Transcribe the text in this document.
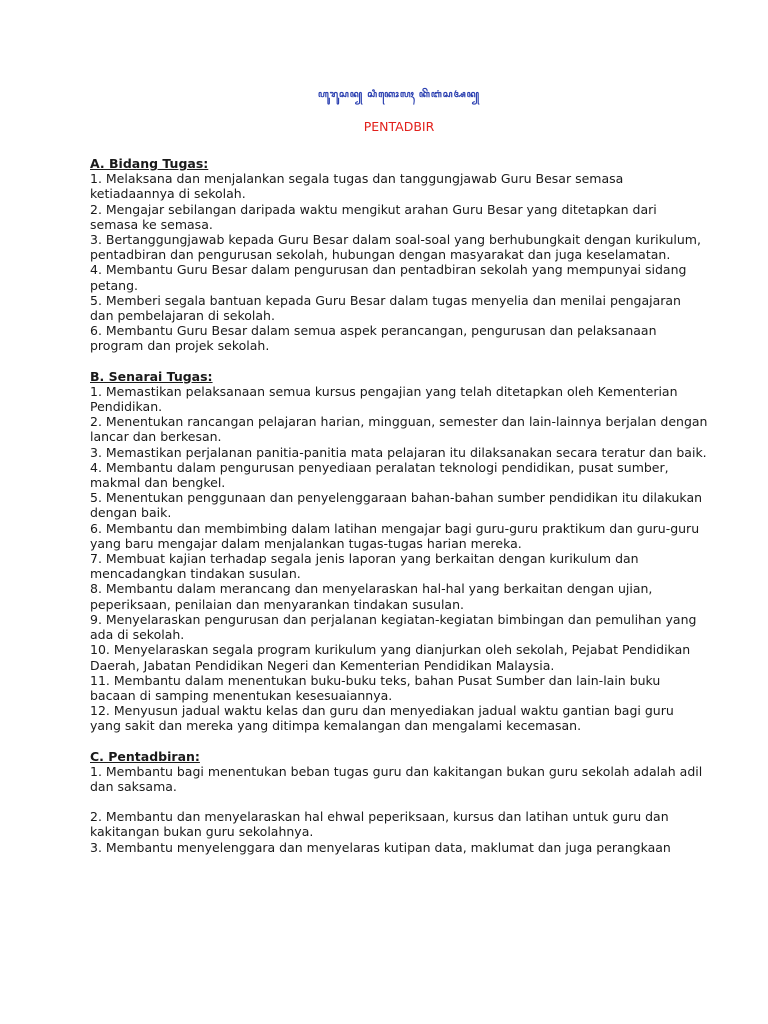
ꦲꦸꦫꦸꦱꦤ꧀ ꦱꦶꦏꦺꦴꦭꦃ ꦏꦼꦧꦁꦱꦄꦤ꧀
PENTADBIR
A. Bidang Tugas:
1. Melaksana dan menjalankan segala tugas dan tanggungjawab Guru Besar semasa ketiadaannya di sekolah.
2. Mengajar sebilangan daripada waktu mengikut arahan Guru Besar yang ditetapkan dari semasa ke semasa.
3. Bertanggungjawab kepada Guru Besar dalam soal-soal yang berhubungkait dengan kurikulum, pentadbiran dan pengurusan sekolah, hubungan dengan masyarakat dan juga keselamatan.
4. Membantu Guru Besar dalam pengurusan dan pentadbiran sekolah yang mempunyai sidang petang.
5. Memberi segala bantuan kepada Guru Besar dalam tugas menyelia dan menilai pengajaran dan pembelajaran di sekolah.
6. Membantu Guru Besar dalam semua aspek perancangan, pengurusan dan pelaksanaan program dan projek sekolah.
B. Senarai Tugas:
1. Memastikan pelaksanaan semua kursus pengajian yang telah ditetapkan oleh Kementerian Pendidikan.
2. Menentukan rancangan pelajaran harian, mingguan, semester dan lain-lainnya berjalan dengan lancar dan berkesan.
3. Memastikan perjalanan panitia-panitia mata pelajaran itu dilaksanakan secara teratur dan baik.
4. Membantu dalam pengurusan penyediaan peralatan teknologi pendidikan, pusat sumber, makmal dan bengkel.
5. Menentukan penggunaan dan penyelenggaraan bahan-bahan sumber pendidikan itu dilakukan dengan baik.
6. Membantu dan membimbing dalam latihan mengajar bagi guru-guru praktikum dan guru-guru yang baru mengajar dalam menjalankan tugas-tugas harian mereka.
7. Membuat kajian terhadap segala jenis laporan yang berkaitan dengan kurikulum dan mencadangkan tindakan susulan.
8. Membantu dalam merancang dan menyelaraskan hal-hal yang berkaitan dengan ujian, peperiksaan, penilaian dan menyarankan tindakan susulan.
9. Menyelaraskan pengurusan dan perjalanan kegiatan-kegiatan bimbingan dan pemulihan yang ada di sekolah.
10. Menyelaraskan segala program kurikulum yang dianjurkan oleh sekolah, Pejabat Pendidikan Daerah, Jabatan Pendidikan Negeri dan Kementerian Pendidikan Malaysia.
11. Membantu dalam menentukan buku-buku teks, bahan Pusat Sumber dan lain-lain buku bacaan di samping menentukan kesesuaiannya.
12. Menyusun jadual waktu kelas dan guru dan menyediakan jadual waktu gantian bagi guru yang sakit dan mereka yang ditimpa kemalangan dan mengalami kecemasan.
C. Pentadbiran:
1. Membantu bagi menentukan beban tugas guru dan kakitangan bukan guru sekolah adalah adil dan saksama.
2. Membantu dan menyelaraskan hal ehwal peperiksaan, kursus dan latihan untuk guru dan kakitangan bukan guru sekolahnya.
3. Membantu menyelenggara dan menyelaras kutipan data, maklumat dan juga perangkaan
